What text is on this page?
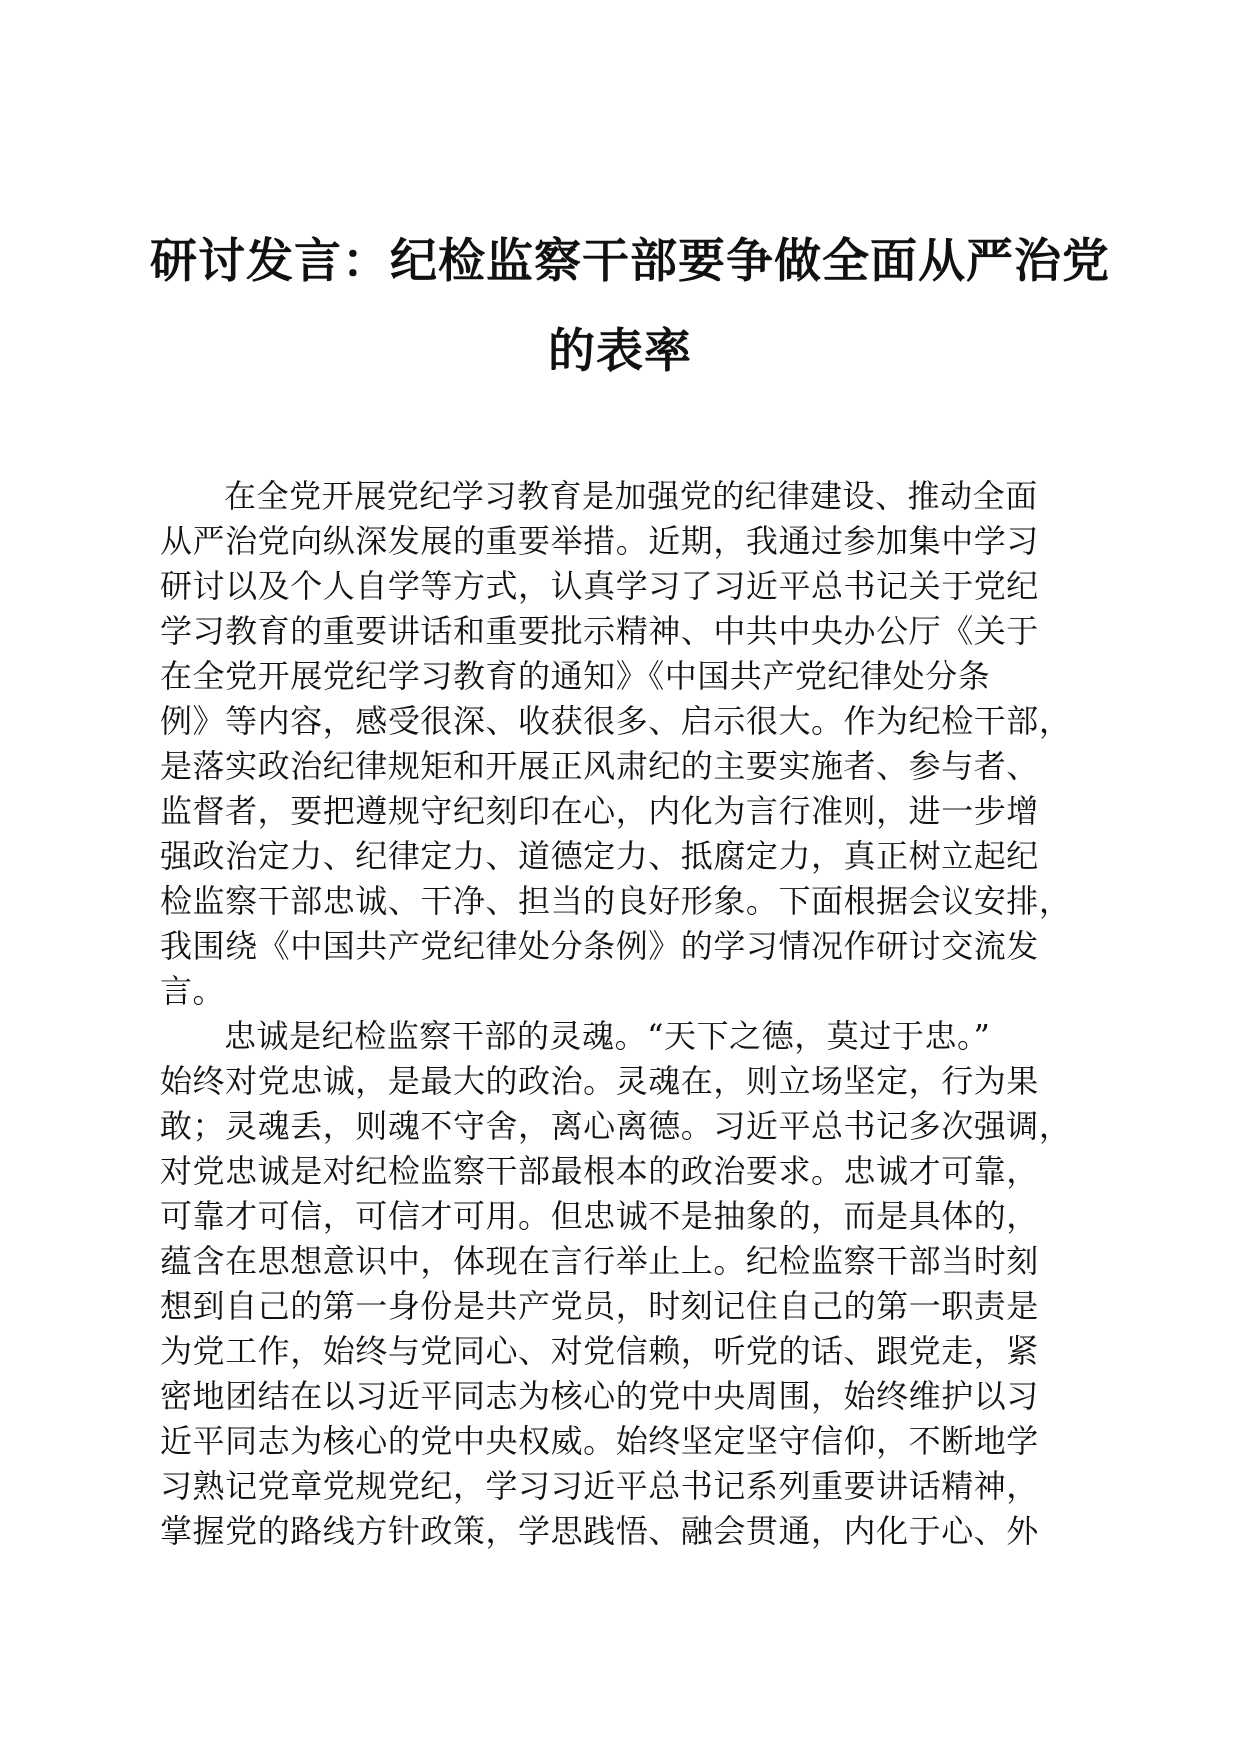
研讨发言：纪检监察干部要争做全面从严治党
的表率
在全党开展党纪学习教育是加强党的纪律建设、推动全面
从严治党向纵深发展的重要举措。近期，我通过参加集中学习
研讨以及个人自学等方式，认真学习了习近平总书记关于党纪
学习教育的重要讲话和重要批示精神、中共中央办公厅《关于
在全党开展党纪学习教育的通知》《中国共产党纪律处分条
例》等内容，感受很深、收获很多、启示很大。作为纪检干部，
是落实政治纪律规矩和开展正风肃纪的主要实施者、参与者、
监督者，要把遵规守纪刻印在心，内化为言行准则，进一步增
强政治定力、纪律定力、道德定力、抵腐定力，真正树立起纪
检监察干部忠诚、干净、担当的良好形象。下面根据会议安排，
我围绕《中国共产党纪律处分条例》的学习情况作研讨交流发
言。
忠诚是纪检监察干部的灵魂。“天下之德，莫过于忠。”
始终对党忠诚，是最大的政治。灵魂在，则立场坚定，行为果
敢；灵魂丢，则魂不守舍，离心离德。习近平总书记多次强调，
对党忠诚是对纪检监察干部最根本的政治要求。忠诚才可靠，
可靠才可信，可信才可用。但忠诚不是抽象的，而是具体的，
蕴含在思想意识中，体现在言行举止上。纪检监察干部当时刻
想到自己的第一身份是共产党员，时刻记住自己的第一职责是
为党工作，始终与党同心、对党信赖，听党的话、跟党走，紧
密地团结在以习近平同志为核心的党中央周围，始终维护以习
近平同志为核心的党中央权威。始终坚定坚守信仰，不断地学
习熟记党章党规党纪，学习习近平总书记系列重要讲话精神，
掌握党的路线方针政策，学思践悟、融会贯通，内化于心、外
